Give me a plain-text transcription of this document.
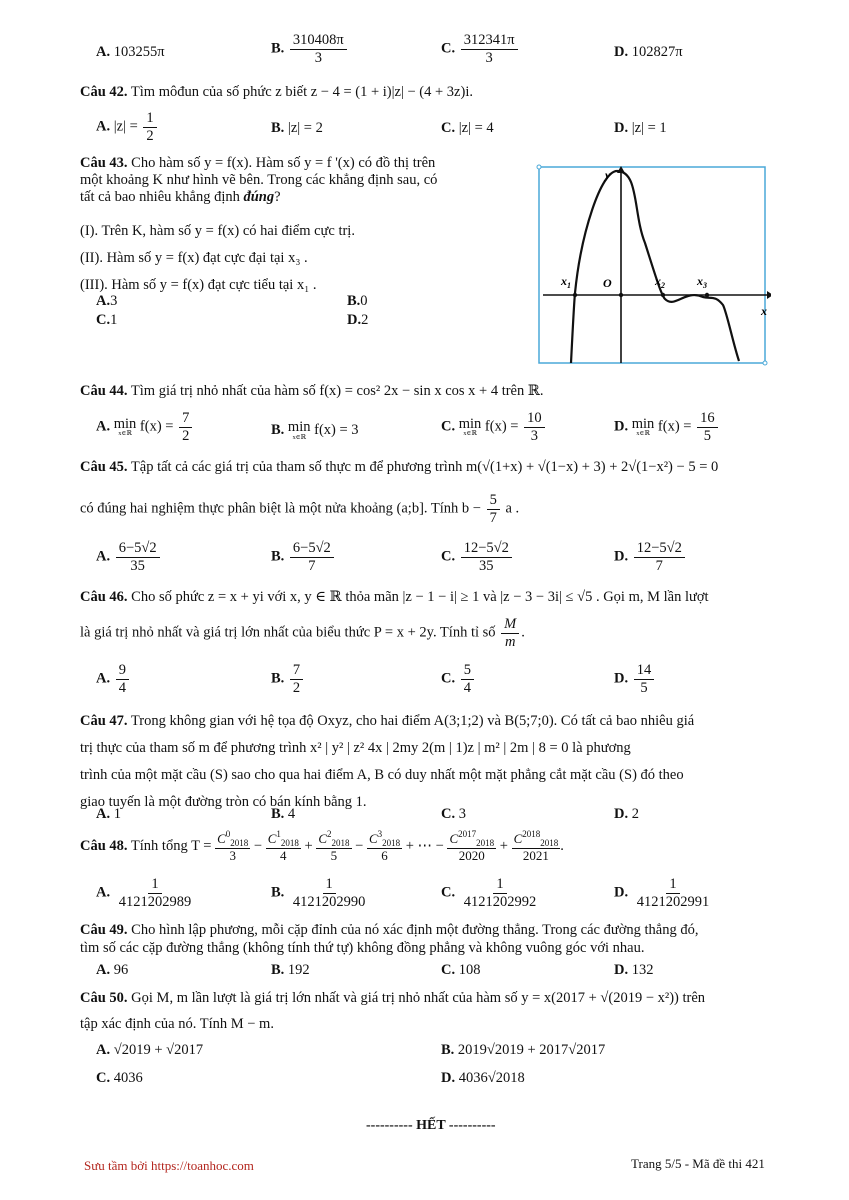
A. 103255π	B. $\frac{310408\pi}{3}$	C. $\frac{312341\pi}{3}$	D. 102827π
Câu 42. Tìm môđun của số phức z biết z − 4 = (1 + i)|z| − (4 + 3z)i.
A. $|z| = \frac{1}{2}$	B. |z| = 2	C. |z| = 4	D. |z| = 1
Câu 43. Cho hàm số y = f(x). Hàm số y = f '(x) có đồ thị trên
một khoảng K như hình vẽ bên. Trong các khẳng định sau, có
tất cả bao nhiêu khẳng định đúng?
(I). Trên K, hàm số y = f(x) có hai điểm cực trị.
(II). Hàm số y = f(x) đạt cực đại tại x₃ .
(III). Hàm số y = f(x) đạt cực tiểu tại x₁ .
A.3	B.0
C.1	D.2
y
x
O
$x_1$	$x_2$	$x_3$
Câu 44. Tìm giá trị nhỏ nhất của hàm số f(x) = cos² 2x − sin x cos x + 4 trên ℝ.
A. min
x∈ℝ $f(x) = \frac{7}{2}$	B. min
x∈ℝ f(x) = 3	C. min
x∈ℝ $f(x) = \frac{10}{3}$	D. min
x∈ℝ $f(x) = \frac{16}{5}$
Câu 45. Tập tất cả các giá trị của tham số thực m để phương trình m(√(1+x) + √(1−x) + 3) + 2√(1−x²) − 5 = 0
có đúng hai nghiệm thực phân biệt là một nửa khoảng (a;b]. Tính $b - \frac{5}{7}$ a .
A. $\frac{6-5√2}{35}$	B. $\frac{6-5√2}{7}$	C. $\frac{12-5√2}{35}$	D. $\frac{12-5√2}{7}$
Câu 46. Cho số phức z = x + yi với x, y ∈ ℝ thỏa mãn |z − 1 − i| ≥ 1 và |z − 3 − 3i| ≤ √5 . Gọi m, M lần lượt
là giá trị nhỏ nhất và giá trị lớn nhất của biểu thức P = x + 2y. Tính tỉ số $\frac{M}{m}$ .
A. $\frac{9}{4}$	B. $\frac{7}{2}$	C. $\frac{5}{4}$	D. $\frac{14}{5}$
Câu 47. Trong không gian với hệ tọa độ Oxyz, cho hai điểm A(3;1;2) và B(5;7;0). Có tất cả bao nhiêu giá
trị thực của tham số m để phương trình x² | y² | z² 4x | 2my 2(m | 1)z | m² | 2m | 8 = 0 là phương
trình của một mặt cầu (S) sao cho qua hai điểm A, B có duy nhất một mặt phẳng cắt mặt cầu (S) đó theo
giao tuyến là một đường tròn có bán kính bằng 1.
A. 1	B. 4	C. 3	D. 2
Câu 48. Tính tổng $T = \frac{C^0_{2018}}{3} - \frac{C^1_{2018}}{4} + \frac{C^2_{2018}}{5} - \frac{C^3_{2018}}{6}$ + ⋯ − $\frac{C^{2017}_{2018}}{2020} + \frac{C^{2018}_{2018}}{2021}$ .
A. $\frac{1}{4121202989}$	B. $\frac{1}{4121202990}$	C. $\frac{1}{4121202992}$	D. $\frac{1}{4121202991}$
Câu 49. Cho hình lập phương, mỗi cặp đỉnh của nó xác định một đường thẳng. Trong các đường thẳng đó,
tìm số các cặp đường thẳng (không tính thứ tự) không đồng phẳng và không vuông góc với nhau.
A. 96	B. 192	C. 108	D. 132
Câu 50. Gọi M, m lần lượt là giá trị lớn nhất và giá trị nhỏ nhất của hàm số y = x(2017 + √(2019 − x²)) trên
tập xác định của nó. Tính M − m.
A. √2019 + √2017	B. 2019√2019 + 2017√2017
C. 4036	D. 4036√2018
---------- HẾT ----------
Sưu tầm bởi https://toanhoc.com	Trang 5/5 - Mã đề thi 421
